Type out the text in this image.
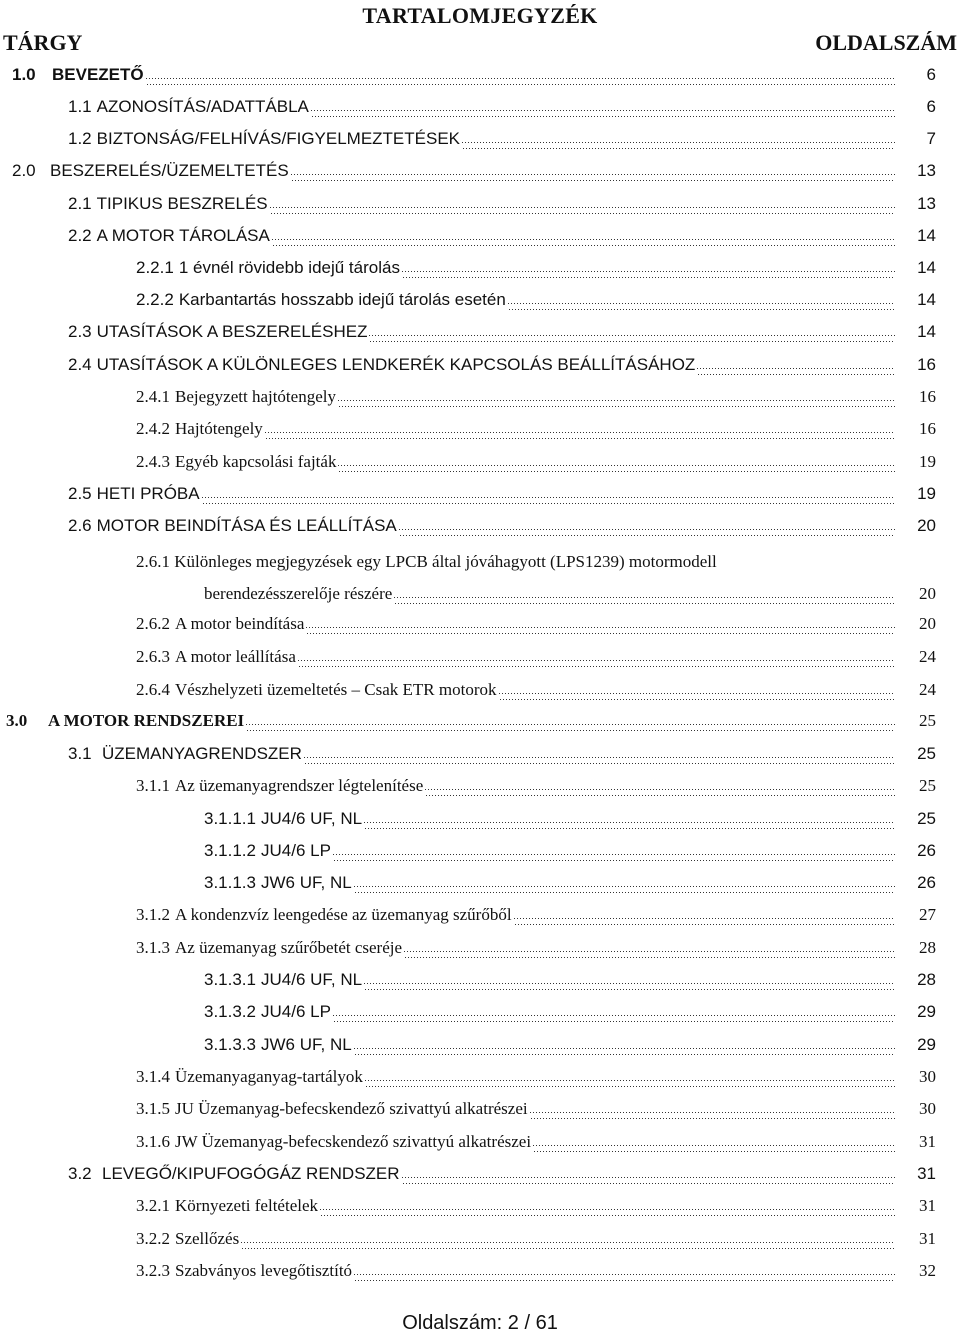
TARTALOMJEGYZÉK
TÁRGY	OLDALSZÁM
1.0 BEVEZETŐ	6
1.1 AZONOSÍTÁS/ADATTÁBLA	6
1.2 BIZTONSÁG/FELHÍVÁS/FIGYELMEZTETÉSEK	7
2.0 BESZERELÉS/ÜZEMELTETÉS	13
2.1 TIPIKUS BESZRELÉS	13
2.2 A MOTOR TÁROLÁSA	14
2.2.1 1 évnél rövidebb idejű tárolás	14
2.2.2 Karbantartás hosszabb idejű tárolás esetén	14
2.3 UTASÍTÁSOK A BESZERELÉSHEZ	14
2.4 UTASÍTÁSOK A KÜLÖNLEGES LENDKERÉK KAPCSOLÁS BEÁLLÍTÁSÁHOZ	16
2.4.1 Bejegyzett hajtótengely	16
2.4.2 Hajtótengely	16
2.4.3 Egyéb kapcsolási fajták	19
2.5 HETI PRÓBA	19
2.6 MOTOR BEINDÍTÁSA ÉS LEÁLLÍTÁSA	20
2.6.1 Különleges megjegyzések egy LPCB által jóváhagyott (LPS1239) motormodell
berendezésszerelője részére	20
2.6.2 A motor beindítása	20
2.6.3 A motor leállítása	24
2.6.4 Vészhelyzeti üzemeltetés – Csak ETR motorok	24
3.0	A MOTOR RENDSZEREI	25
3.1 ÜZEMANYAGRENDSZER	25
3.1.1 Az üzemanyagrendszer légtelenítése	25
3.1.1.1 JU4/6 UF, NL	25
3.1.1.2 JU4/6 LP	26
3.1.1.3 JW6 UF, NL	26
3.1.2 A kondenzvíz leengedése az üzemanyag szűrőből	27
3.1.3 Az üzemanyag szűrőbetét cseréje	28
3.1.3.1 JU4/6 UF, NL	28
3.1.3.2 JU4/6 LP	29
3.1.3.3 JW6 UF, NL	29
3.1.4 Üzemanyaganyag-tartályok	30
3.1.5 JU Üzemanyag-befecskendező szivattyú alkatrészei	30
3.1.6 JW Üzemanyag-befecskendező szivattyú alkatrészei	31
3.2 LEVEGŐ/KIPUFOGÓGÁZ RENDSZER	31
3.2.1 Környezeti feltételek	31
3.2.2 Szellőzés	31
3.2.3 Szabványos levegőtisztító	32
Oldalszám: 2 / 61
